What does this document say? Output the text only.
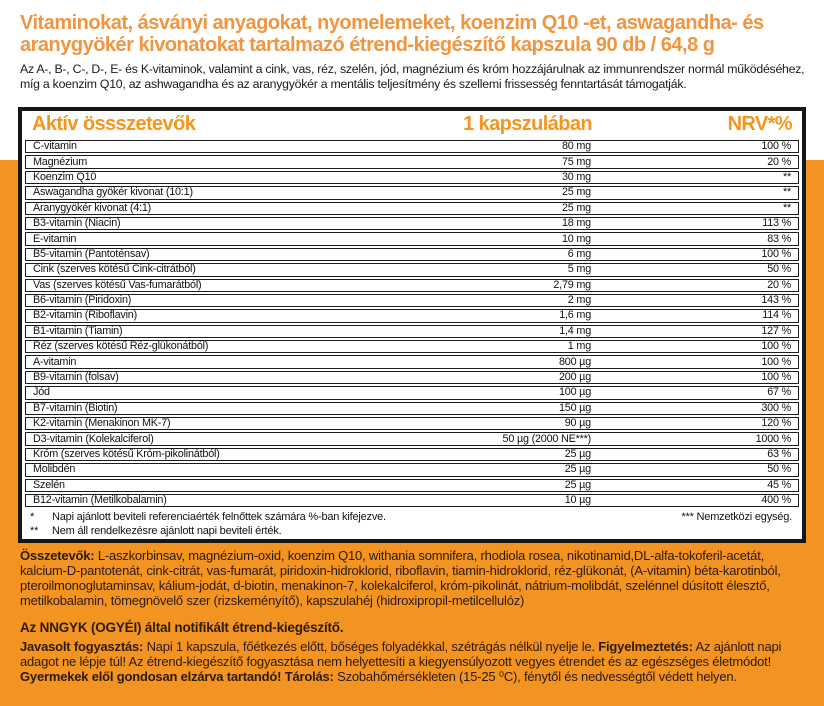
Vitaminokat, ásványi anyagokat, nyomelemeket, koenzim Q10 -et, aswagandha- és aranygyökér kivonatokat tartalmazó étrend-kiegészítő kapszula 90 db / 64,8 g
Az A-, B-, C-, D-, E- és K-vitaminok, valamint a cink, vas, réz, szelén, jód, magnézium és króm hozzájárulnak az immunrendszer normál működéséhez, míg a koenzim Q10, az ashwagandha és az aranygyökér a mentális teljesítmény és szellemi frissesség fenntartását támogatják.
Aktív össszetevők	1 kapszulában	NRV*%
C-vitamin	80 mg	100 %
Magnézium	75 mg	20 %
Koenzim Q10	30 mg	**
Aswagandha gyökér kivonat (10:1)	25 mg	**
Aranygyökér kivonat (4:1)	25 mg	**
B3-vitamin (Niacin)	18 mg	113 %
E-vitamin	10 mg	83 %
B5-vitamin (Pantoténsav)	6 mg	100 %
Cink (szerves kötésű Cink-citrátból)	5 mg	50 %
Vas (szerves kötésű Vas-fumarátból)	2,79 mg	20 %
B6-vitamin (Piridoxin)	2 mg	143 %
B2-vitamin (Riboflavin)	1,6 mg	114 %
B1-vitamin (Tiamin)	1,4 mg	127 %
Réz (szerves kötésű Réz-glükonátból)	1 mg	100 %
A-vitamin	800 µg	100 %
B9-vitamin (folsav)	200 µg	100 %
Jód	100 µg	67 %
B7-vitamin (Biotin)	150 µg	300 %
K2-vitamin (Menakinon MK-7)	90 µg	120 %
D3-vitamin (Kolekalciferol)	50 µg (2000 NE***)	1000 %
Króm (szerves kötésű Króm-pikolinátból)	25 µg	63 %
Molibdén	25 µg	50 %
Szelén	25 µg	45 %
B12-vitamin (Metilkobalamin)	10 µg	400 %
*	Napi ajánlott beviteli referenciaérték felnőttek számára %-ban kifejezve.
**	Nem áll rendelkezésre ajánlott napi beviteli érték.
*** Nemzetközi egység.
Összetevők: L-aszkorbinsav, magnézium-oxid, koenzim Q10, withania somnifera, rhodiola rosea, nikotinamid,DL-alfa-tokoferil-acetát, kalcium-D-pantotenát, cink-citrát, vas-fumarát, piridoxin-hidroklorid, riboflavin, tiamin-hidroklorid, réz-glükonát, (A-vitamin) béta-karotinból, pteroilmonoglutaminsav, kálium-jodát, d-biotin, menakinon-7, kolekalciferol, króm-pikolinát, nátrium-molibdát, szelénnel dúsított élesztő, metilkobalamin, tömegnövelő szer (rizskeményítő), kapszulahéj (hidroxipropil-metilcellulóz)
Az NNGYK (OGYÉI) által notifikált étrend-kiegészítő.
Javasolt fogyasztás: Napi 1 kapszula, főétkezés előtt, bőséges folyadékkal, szétrágás nélkül nyelje le. Figyelmeztetés: Az ajánlott napi adagot ne lépje túl! Az étrend-kiegészítő fogyasztása nem helyettesíti a kiegyensúlyozott vegyes étrendet és az egészséges életmódot! Gyermekek elől gondosan elzárva tartandó! Tárolás: Szobahőmérsékleten (15-25 ⁰C), fénytől és nedvességtől védett helyen.
